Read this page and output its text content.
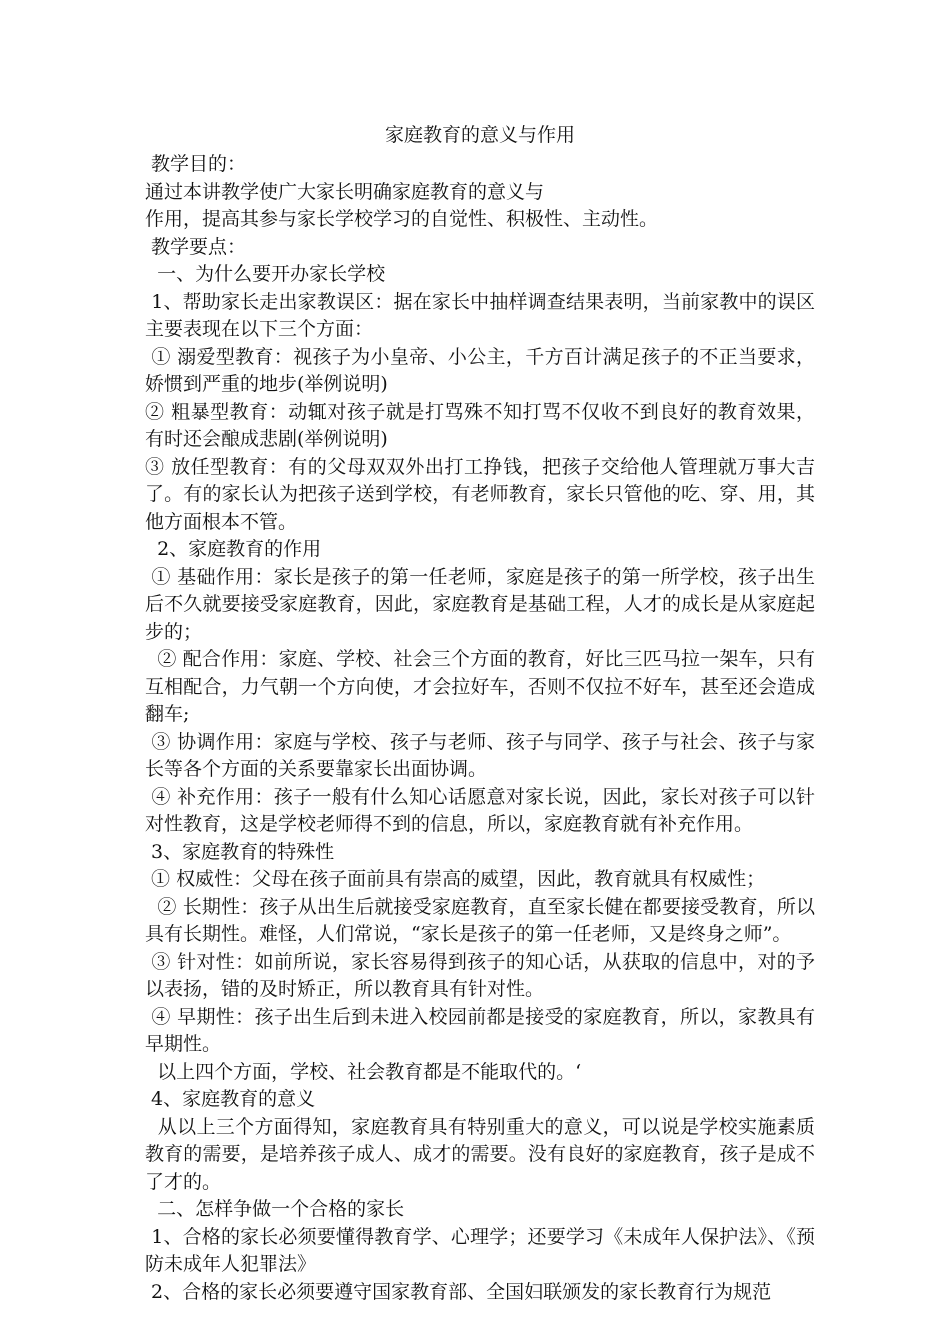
家庭教育的意义与作用

教学目的：

通过本讲教学使广大家长明确家庭教育的意义与

作用，提高其参与家长学校学习的自觉性、积极性、主动性。

教学要点：

一、为什么要开办家长学校

1、帮助家长走出家教误区：据在家长中抽样调查结果表明，当前家教中的误区主要表现在以下三个方面：

① 溺爱型教育：视孩子为小皇帝、小公主，千方百计满足孩子的不正当要求，娇惯到严重的地步(举例说明)

② 粗暴型教育：动辄对孩子就是打骂殊不知打骂不仅收不到良好的教育效果，有时还会酿成悲剧(举例说明)

③ 放任型教育：有的父母双双外出打工挣钱，把孩子交给他人管理就万事大吉了。有的家长认为把孩子送到学校，有老师教育，家长只管他的吃、穿、用，其他方面根本不管。

2、家庭教育的作用

① 基础作用：家长是孩子的第一任老师，家庭是孩子的第一所学校，孩子出生后不久就要接受家庭教育，因此，家庭教育是基础工程，人才的成长是从家庭起步的；

② 配合作用：家庭、学校、社会三个方面的教育，好比三匹马拉一架车，只有互相配合，力气朝一个方向使，才会拉好车，否则不仅拉不好车，甚至还会造成翻车;

③ 协调作用：家庭与学校、孩子与老师、孩子与同学、孩子与社会、孩子与家长等各个方面的关系要靠家长出面协调。

④ 补充作用：孩子一般有什么知心话愿意对家长说，因此，家长对孩子可以针对性教育，这是学校老师得不到的信息，所以，家庭教育就有补充作用。

3、家庭教育的特殊性

① 权威性：父母在孩子面前具有崇高的威望，因此，教育就具有权威性；

② 长期性：孩子从出生后就接受家庭教育，直至家长健在都要接受教育，所以具有长期性。难怪，人们常说，“家长是孩子的第一任老师，又是终身之师”。

③ 针对性：如前所说，家长容易得到孩子的知心话，从获取的信息中，对的予以表扬，错的及时矫正，所以教育具有针对性。

④ 早期性：孩子出生后到未进入校园前都是接受的家庭教育，所以，家教具有早期性。

以上四个方面，学校、社会教育都是不能取代的。‘

4、家庭教育的意义

从以上三个方面得知，家庭教育具有特别重大的意义，可以说是学校实施素质教育的需要，是培养孩子成人、成才的需要。没有良好的家庭教育，孩子是成不了才的。

二、怎样争做一个合格的家长

1、合格的家长必须要懂得教育学、心理学；还要学习《未成年人保护法》、《预防未成年人犯罪法》

2、合格的家长必须要遵守国家教育部、全国妇联颁发的家长教育行为规范
